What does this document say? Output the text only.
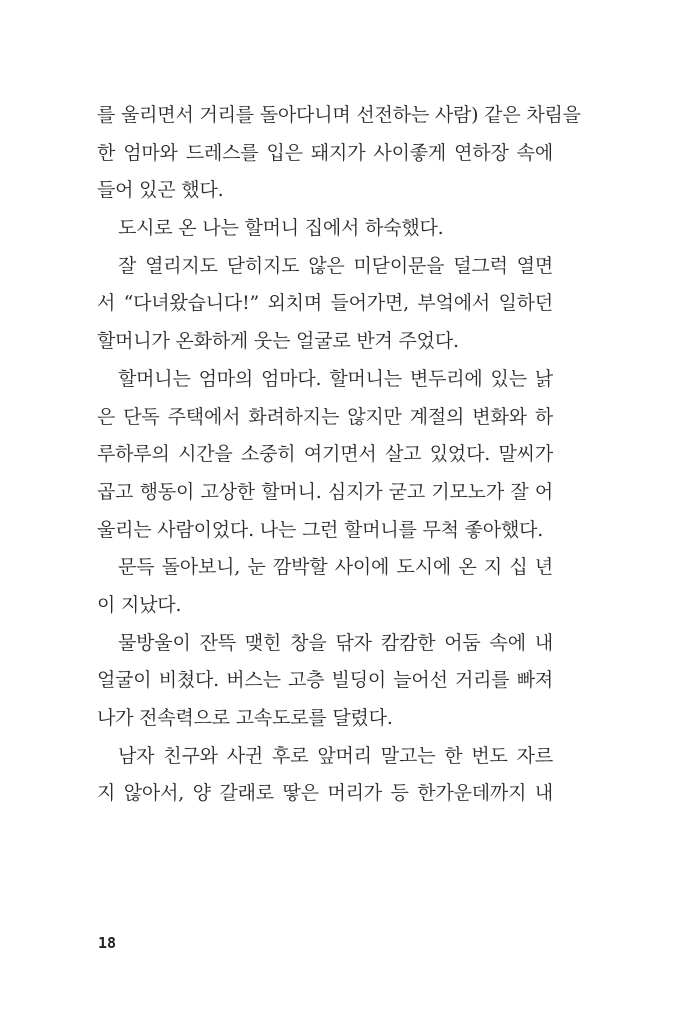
를 울리면서 거리를 돌아다니며 선전하는 사람) 같은 차림을
한 엄마와 드레스를 입은 돼지가 사이좋게 연하장 속에
들어 있곤 했다.
도시로 온 나는 할머니 집에서 하숙했다.
잘 열리지도 닫히지도 않은 미닫이문을 덜그럭 열면
서 “다녀왔습니다!” 외치며 들어가면, 부엌에서 일하던
할머니가 온화하게 웃는 얼굴로 반겨 주었다.
할머니는 엄마의 엄마다. 할머니는 변두리에 있는 낡
은 단독 주택에서 화려하지는 않지만 계절의 변화와 하
루하루의 시간을 소중히 여기면서 살고 있었다. 말씨가
곱고 행동이 고상한 할머니. 심지가 굳고 기모노가 잘 어
울리는 사람이었다. 나는 그런 할머니를 무척 좋아했다.
문득 돌아보니, 눈 깜박할 사이에 도시에 온 지 십 년
이 지났다.
물방울이 잔뜩 맺힌 창을 닦자 캄캄한 어둠 속에 내
얼굴이 비쳤다. 버스는 고층 빌딩이 늘어선 거리를 빠져
나가 전속력으로 고속도로를 달렸다.
남자 친구와 사귄 후로 앞머리 말고는 한 번도 자르
지 않아서, 양 갈래로 땋은 머리가 등 한가운데까지 내
18
